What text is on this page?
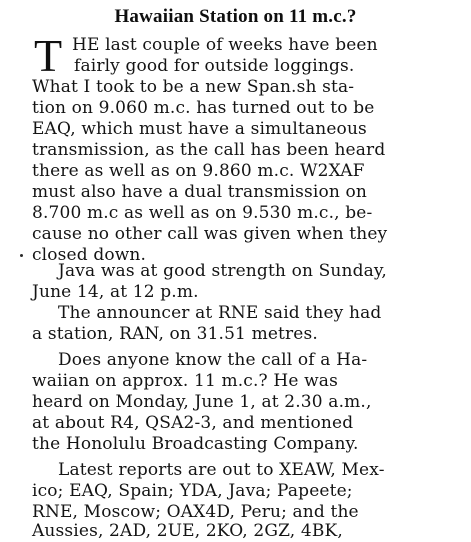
Hawaiian Station on 11 m.c.?
T HE last couple of weeks have been
fairly good for outside loggings.
What I took to be a new Span.sh sta-
tion on 9.060 m.c. has turned out to be
EAQ, which must have a simultaneous
transmission, as the call has been heard
there as well as on 9.860 m.c. W2XAF
must also have a dual transmission on
8.700 m.c as well as on 9.530 m.c., be-
cause no other call was given when they
closed down.
Java was at good strength on Sunday,
June 14, at 12 p.m.
The announcer at RNE said they had
a station, RAN, on 31.51 metres.
Does anyone know the call of a Ha-
waiian on approx. 11 m.c.? He was
heard on Monday, June 1, at 2.30 a.m.,
at about R4, QSA2-3, and mentioned
the Honolulu Broadcasting Company.
Latest reports are out to XEAW, Mex-
ico; EAQ, Spain; YDA, Java; Papeete;
RNE, Moscow; OAX4D, Peru; and the
Aussies, 2AD, 2UE, 2KO, 2GZ, 4BK,
